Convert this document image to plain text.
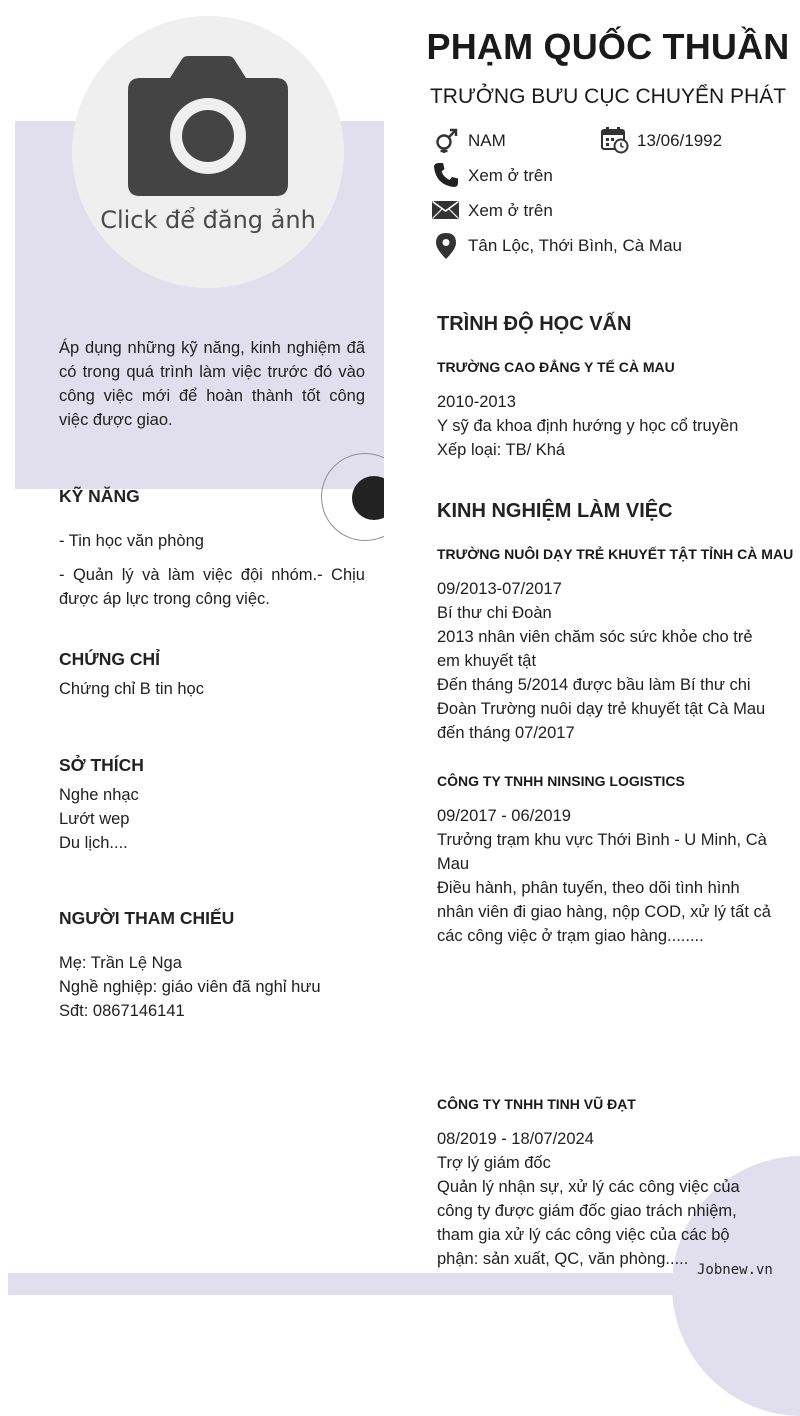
Click để đăng ảnh
PHẠM QUỐC THUẦN
TRƯỞNG BƯU CỤC CHUYỂN PHÁT
NAM	13/06/1992
Xem ở trên
Xem ở trên
Tân Lộc, Thới Bình, Cà Mau
Áp dụng những kỹ năng, kinh nghiệm đã có trong quá trình làm việc trước đó vào công việc mới để hoàn thành tốt công việc được giao.
KỸ NĂNG
- Tin học văn phòng
- Quản lý và làm việc đội nhóm.- Chịu được áp lực trong công việc.
CHỨNG CHỈ
Chứng chỉ B tin học
SỞ THÍCH
Nghe nhạc
Lướt wep
Du lịch....
NGƯỜI THAM CHIẾU
Mẹ: Trần Lệ Nga
Nghề nghiệp: giáo viên đã nghỉ hưu
Sđt: 0867146141
TRÌNH ĐỘ HỌC VẤN
TRƯỜNG CAO ĐẲNG Y TẾ CÀ MAU
2010-2013
Y sỹ đa khoa định hướng y học cổ truyền
Xếp loại: TB/ Khá
KINH NGHIỆM LÀM VIỆC
TRƯỜNG NUÔI DẠY TRẺ KHUYẾT TẬT TỈNH CÀ MAU
09/2013-07/2017
Bí thư chi Đoàn
2013 nhân viên chăm sóc sức khỏe cho trẻ
em khuyết tật
Đến tháng 5/2014 được bầu làm Bí thư chi
Đoàn Trường nuôi dạy trẻ khuyết tật Cà Mau
đến tháng 07/2017
CÔNG TY TNHH NINSING LOGISTICS
09/2017 - 06/2019
Trưởng trạm khu vực Thới Bình - U Minh, Cà
Mau
Điều hành, phân tuyến, theo dõi tình hình
nhân viên đi giao hàng, nộp COD, xử lý tất cả
các công việc ở trạm giao hàng........
CÔNG TY TNHH TINH VŨ ĐẠT
08/2019 - 18/07/2024
Trợ lý giám đốc
Quản lý nhận sự, xử lý các công việc của
công ty được giám đốc giao trách nhiệm,
tham gia xử lý các công việc của các bộ
phận: sản xuất, QC, văn phòng.....
Jobnew.vn
